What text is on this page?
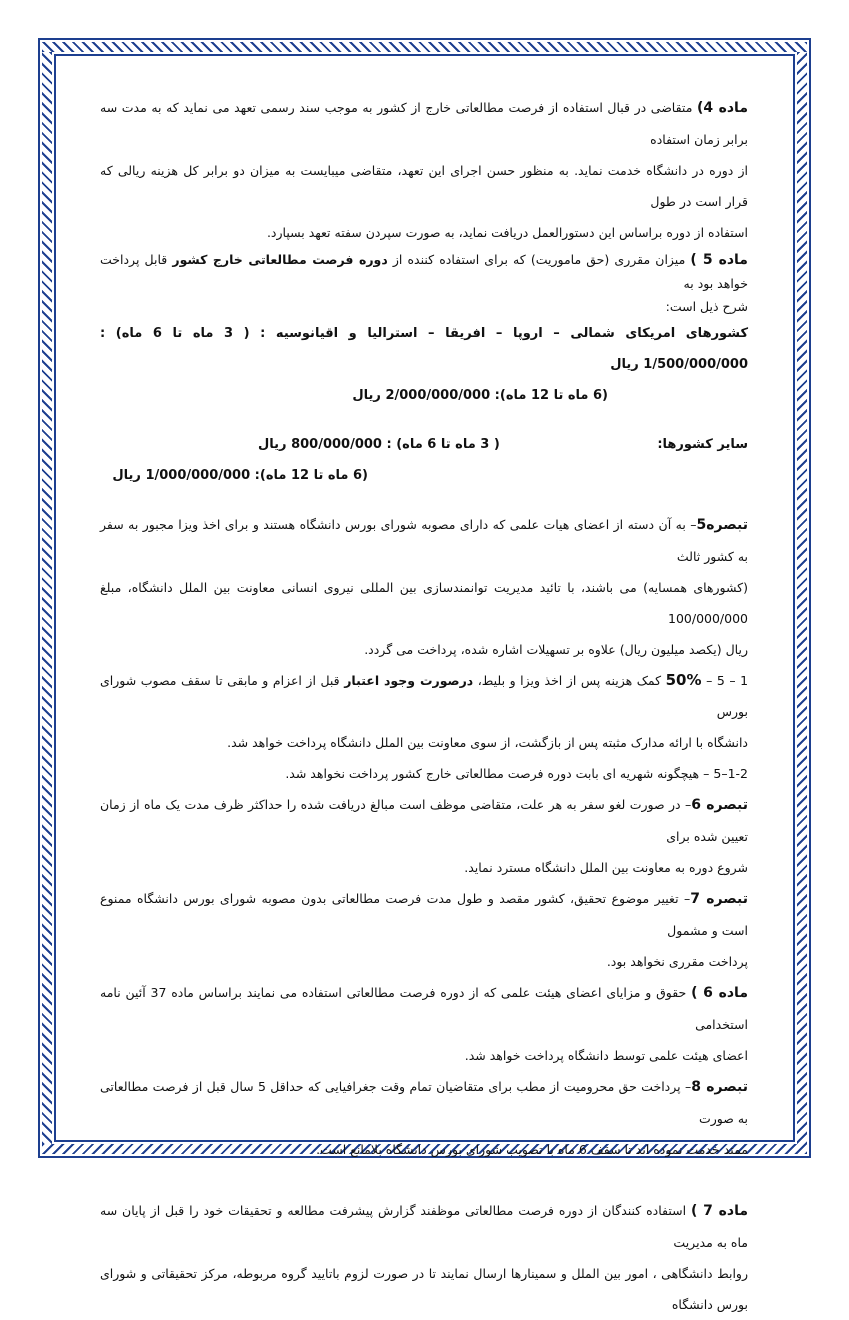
ماده 4) متقاضی در قبال استفاده از فرصت مطالعاتی خارج از کشور به موجب سند رسمی تعهد می نماید که به مدت سه برابر زمان استفاده

از دوره در دانشگاه خدمت نماید. به منظور حسن اجرای این تعهد، متقاضی میبایست به میزان دو برابر کل هزینه ریالی که قرار است در طول

استفاده از دوره براساس این دستورالعمل دریافت نماید، به صورت سپردن سفته تعهد بسپارد.

ماده 5 ) میزان مقرری (حق ماموریت) که برای استفاده کننده از دوره فرصت مطالعاتی خارج کشور قابل پرداخت خواهد بود به

شرح ذیل است:

کشورهای امریکای شمالی – اروپا – افریقا – استرالیا و اقیانوسیه : ( 3 ماه تا 6 ماه) : 1/500/000/000 ریال

(6 ماه تا 12 ماه): 2/000/000/000 ریال

سایر کشورها:
( 3 ماه تا 6 ماه) : 800/000/000 ریال

(6 ماه تا 12 ماه): 1/000/000/000 ریال

تبصره5– به آن دسته از اعضای هیات علمی که دارای مصوبه شورای بورس دانشگاه هستند و برای اخذ ویزا مجبور به سفر به کشور ثالث

(کشورهای همسایه) می باشند، با تائید مدیریت توانمندسازی بین المللی نیروی انسانی معاونت بین الملل دانشگاه، مبلغ 100/000/000

ریال (یکصد میلیون ریال) علاوه بر تسهیلات اشاره شده، پرداخت می گردد.

1 – 5 – 50% کمک هزینه پس از اخذ ویزا و بلیط، درصورت وجود اعتبار قبل از اعزام و مابقی تا سقف مصوب شورای بورس

دانشگاه با ارائه مدارک مثبته پس از بازگشت، از سوی معاونت بین الملل دانشگاه پرداخت خواهد شد.

1-2–5 – هیچگونه شهریه ای بابت دوره فرصت مطالعاتی خارج کشور پرداخت نخواهد شد.

تبصره 6– در صورت لغو سفر به هر علت، متقاضی موظف است مبالغ دریافت شده را حداکثر ظرف مدت یک ماه از زمان تعیین شده برای

شروع دوره به معاونت بین الملل دانشگاه مسترد نماید.

تبصره 7– تغییر موضوع تحقیق، کشور مقصد و طول مدت فرصت مطالعاتی بدون مصوبه شورای بورس دانشگاه ممنوع است و مشمول

پرداخت مقرری نخواهد بود.

ماده 6 ) حقوق و مزایای اعضای هیئت علمی که از دوره فرصت مطالعاتی استفاده می نمایند براساس ماده 37 آئین نامه استخدامی

اعضای هیئت علمی توسط دانشگاه پرداخت خواهد شد.

تبصره 8– پرداخت حق محرومیت از مطب برای متقاضیان تمام وقت جغرافیایی که حداقل 5 سال قبل از فرصت مطالعاتی به صورت

ممتد خدمت نموده اند تا سقف 6 ماه با تصویب شورای بورس دانشگاه بلامانع است.

ماده 7 ) استفاده کنندگان از دوره فرصت مطالعاتی موظفند گزارش پیشرفت مطالعه و تحقیقات خود را قبل از پایان سه ماه به مدیریت

روابط دانشگاهی ، امور بین الملل و سمینارها ارسال نمایند تا در صورت لزوم باتایید گروه مربوطه، مرکز تحقیقاتی و شورای بورس دانشگاه
